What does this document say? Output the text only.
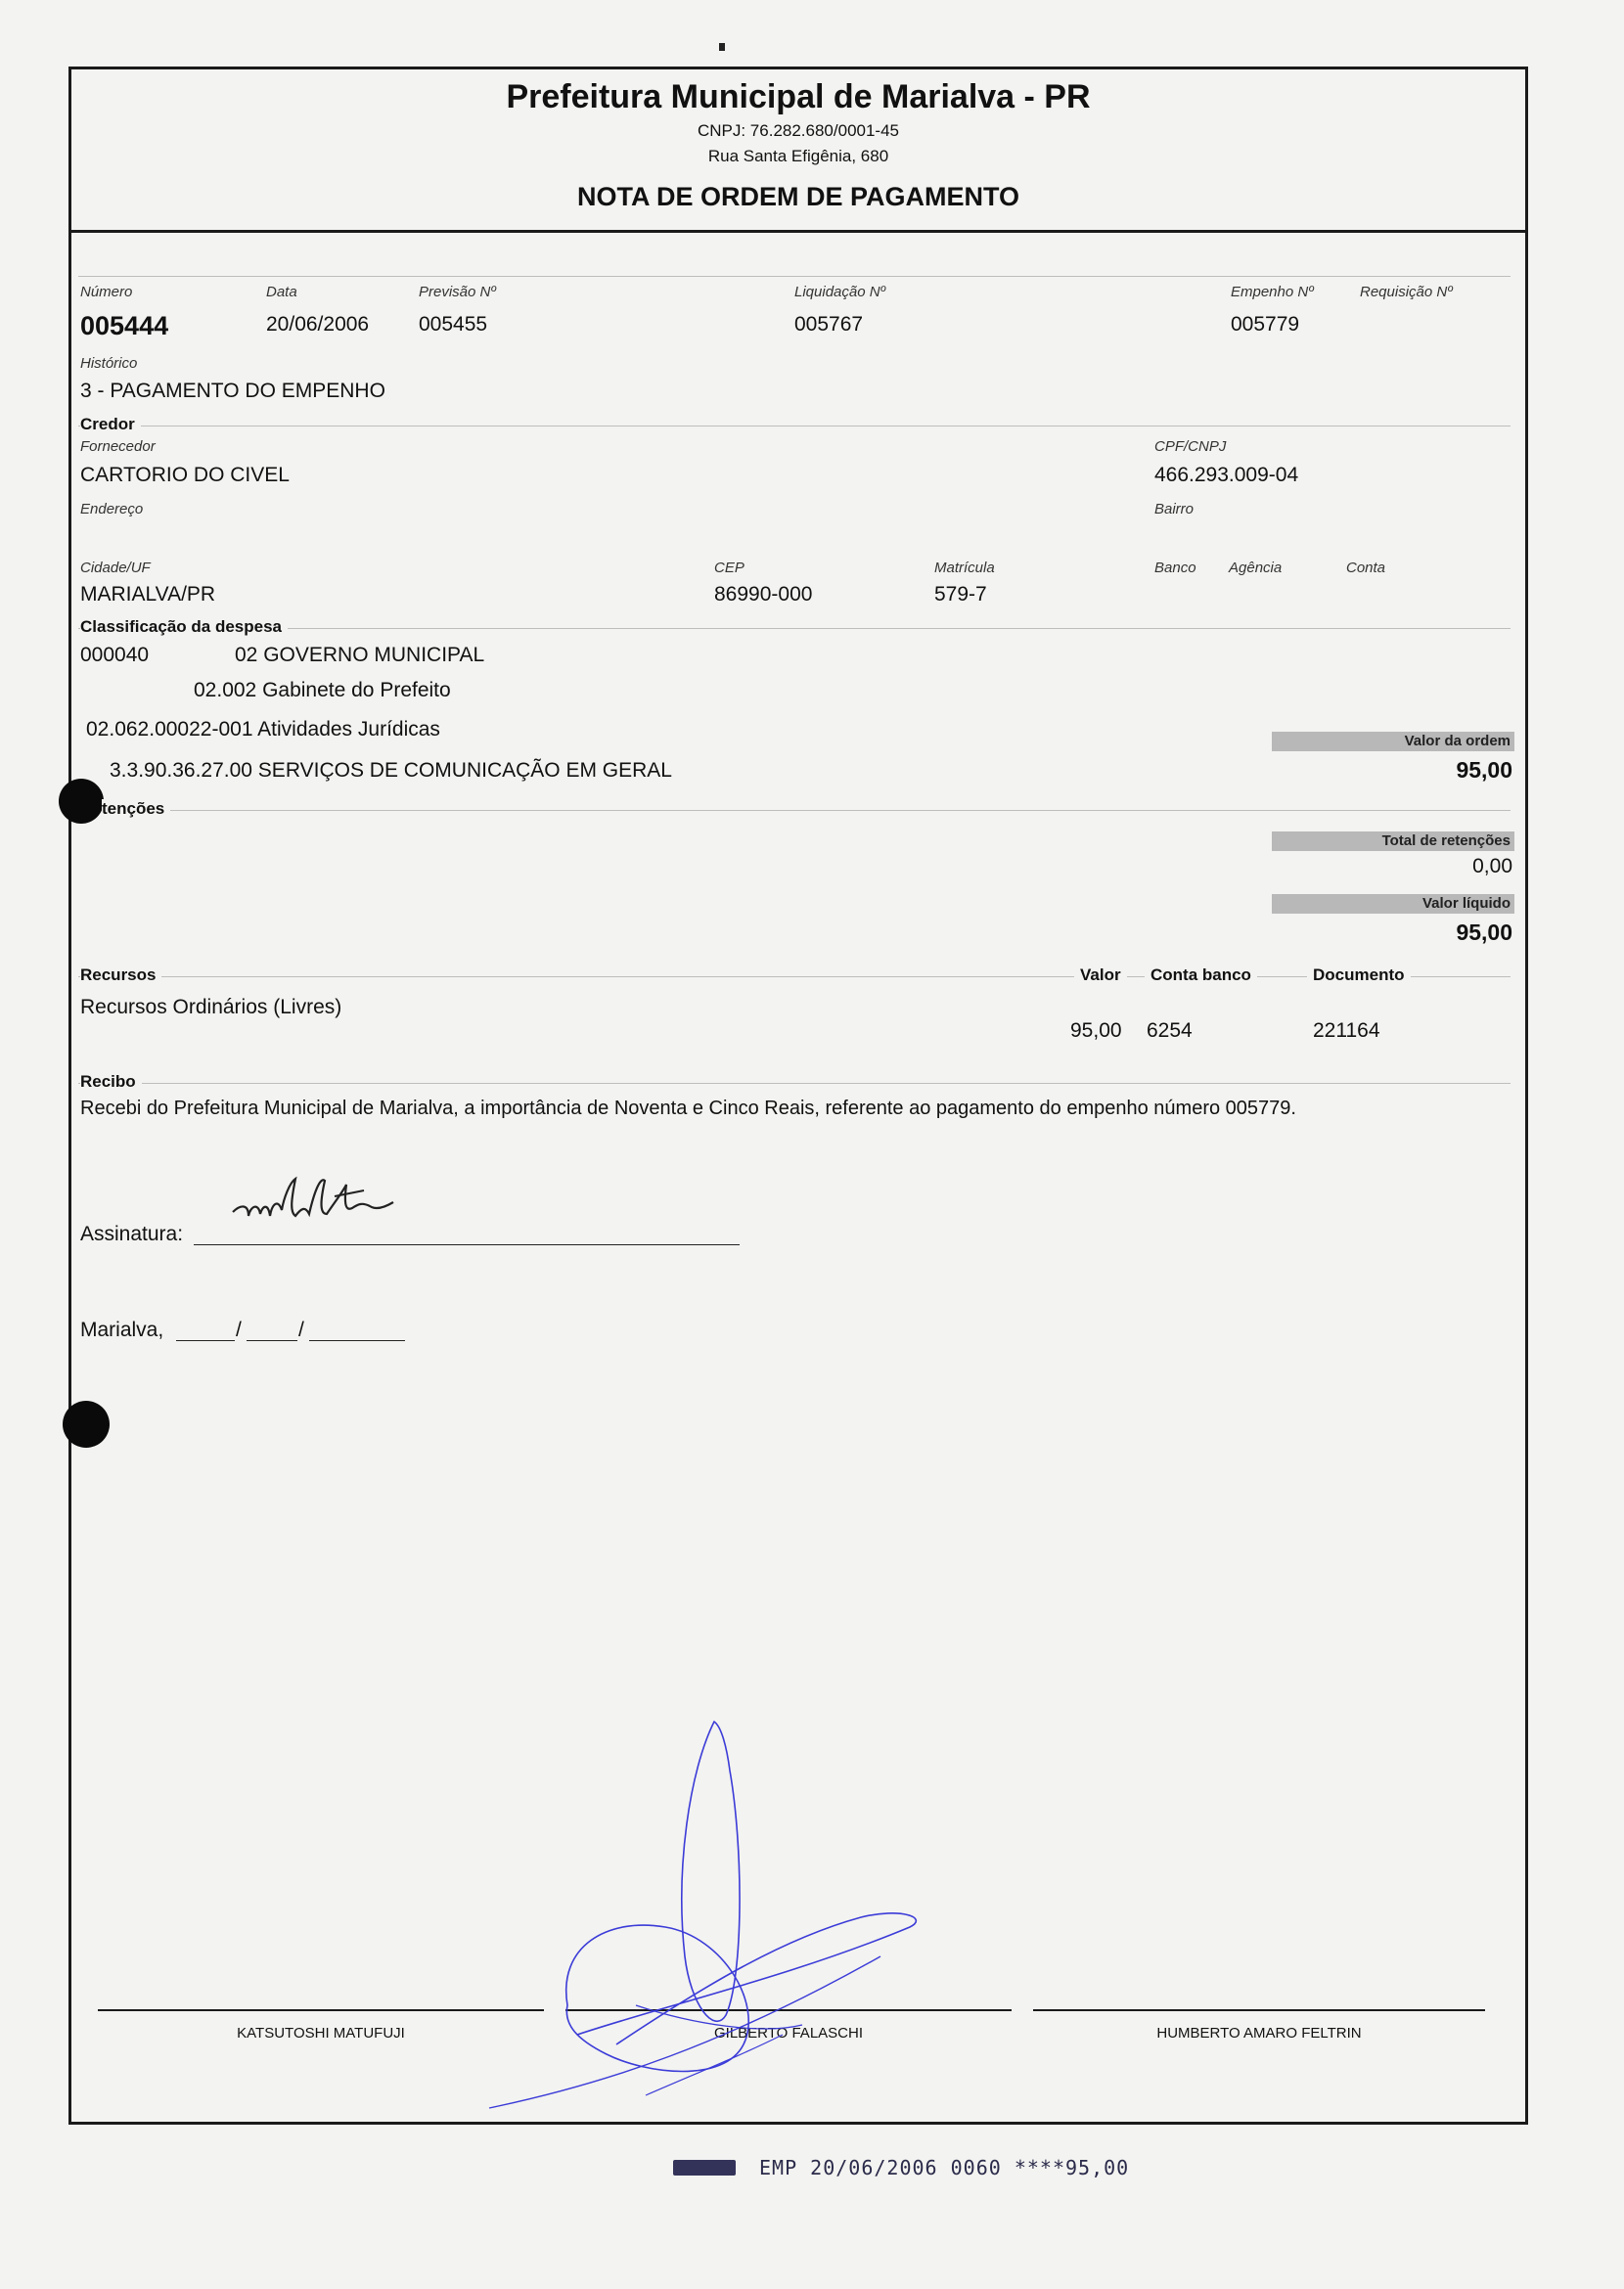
Prefeitura Municipal de Marialva - PR
CNPJ: 76.282.680/0001-45
Rua Santa Efigênia, 680
NOTA DE ORDEM DE PAGAMENTO
Número
005444
Data
20/06/2006
Previsão Nº
005455
Liquidação Nº
005767
Empenho Nº
005779
Requisição Nº
Histórico
3 - PAGAMENTO DO EMPENHO
Credor
Fornecedor
CARTORIO DO CIVEL
CPF/CNPJ
466.293.009-04
Endereço	Bairro
Cidade/UF
MARIALVA/PR
CEP
86990-000
Matrícula
579-7
Banco Agência	Conta
Classificação da despesa
000040	02 GOVERNO MUNICIPAL
02.002 Gabinete do Prefeito
02.062.00022-001 Atividades Jurídicas
3.3.90.36.27.00 SERVIÇOS DE COMUNICAÇÃO EM GERAL
Valor da ordem
95,00
tenções
Total de retenções
0,00
Valor líquido
95,00
Recursos	Valor	Conta banco	Documento
Recursos Ordinários (Livres)
95,00 6254	221164
Recibo
Recebi do Prefeitura Municipal de Marialva, a importância de Noventa e Cinco Reais, referente ao pagamento do empenho número 005779.
Assinatura:
Marialva,	/	/
KATSUTOSHI MATUFUJI	GILBERTO FALASCHI	HUMBERTO AMARO FELTRIN
EMP 20/06/2006 0060 ****95,00
